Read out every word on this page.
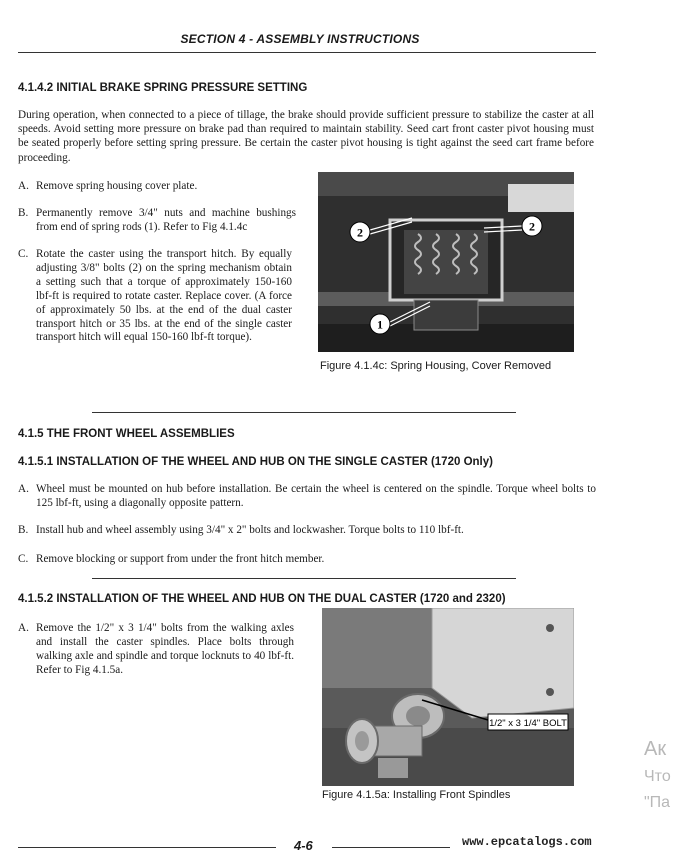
SECTION 4 - ASSEMBLY INSTRUCTIONS
4.1.4.2 INITIAL BRAKE SPRING PRESSURE SETTING
During operation, when connected to a piece of tillage, the brake should provide sufficient pressure to stabilize the caster at all speeds. Avoid setting more pressure on brake pad than required to maintain stability. Seed cart front caster pivot housing must be seated properly before setting spring pressure. Be certain the caster pivot housing is tight against the seed cart frame before proceeding.
A. Remove spring housing cover plate.
B. Permanently remove 3/4" nuts and machine bushings from end of spring rods (1). Refer to Fig 4.1.4c
C. Rotate the caster using the transport hitch. By equally adjusting 3/8" bolts (2) on the spring mechanism obtain a setting such that a torque of approximately 150-160 lbf-ft is required to rotate caster. Replace cover. (A force of approximately 50 lbs. at the end of the dual caster transport hitch or 35 lbs. at the end of the single caster transport hitch will equal 150-160 lbf-ft torque).
2	2
1
Figure 4.1.4c: Spring Housing, Cover Removed
4.1.5 THE FRONT WHEEL ASSEMBLIES
4.1.5.1 INSTALLATION OF THE WHEEL AND HUB ON THE SINGLE CASTER (1720 Only)
A. Wheel must be mounted on hub before installation. Be certain the wheel is centered on the spindle. Torque wheel bolts to 125 lbf-ft, using a diagonally opposite pattern.
B. Install hub and wheel assembly using 3/4" x 2" bolts and lockwasher. Torque bolts to 110 lbf-ft.
C. Remove blocking or support from under the front hitch member.
4.1.5.2 INSTALLATION OF THE WHEEL AND HUB ON THE DUAL CASTER (1720 and 2320)
A. Remove the 1/2" x 3 1/4" bolts from the walking axles and install the caster spindles. Place bolts through walking axle and spindle and torque locknuts to 40 lbf-ft. Refer to Fig 4.1.5a.
1/2" x 3 1/4" BOLT
Figure 4.1.5a: Installing Front Spindles
Ак
Что
"Па
4-6	www.epcatalogs.com
